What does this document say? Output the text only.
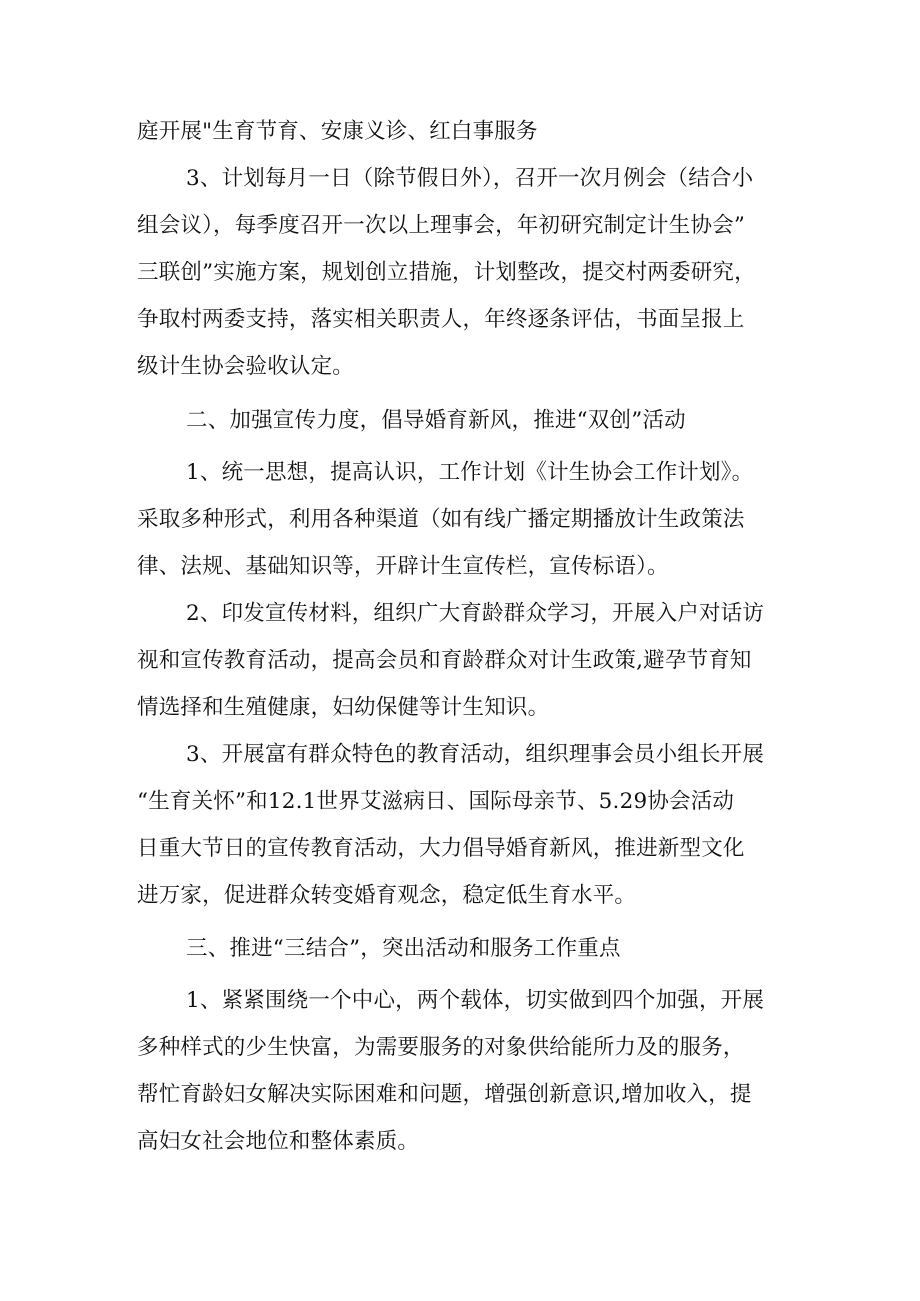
庭开展"生育节育、安康义诊、红白事服务
3、计划每月一日（除节假日外），召开一次月例会（结合小
组会议），每季度召开一次以上理事会，年初研究制定计生协会”
三联创”实施方案，规划创立措施，计划整改，提交村两委研究，
争取村两委支持，落实相关职责人，年终逐条评估，书面呈报上
级计生协会验收认定。
二、加强宣传力度，倡导婚育新风，推进“双创”活动
1、统一思想，提高认识，工作计划《计生协会工作计划》。
采取多种形式，利用各种渠道（如有线广播定期播放计生政策法
律、法规、基础知识等，开辟计生宣传栏，宣传标语）。
2、印发宣传材料，组织广大育龄群众学习，开展入户对话访
视和宣传教育活动，提高会员和育龄群众对计生政策,避孕节育知
情选择和生殖健康，妇幼保健等计生知识。
3、开展富有群众特色的教育活动，组织理事会员小组长开展
“生育关怀”和12.1世界艾滋病日、国际母亲节、5.29协会活动
日重大节日的宣传教育活动，大力倡导婚育新风，推进新型文化
进万家，促进群众转变婚育观念，稳定低生育水平。
三、推进“三结合”，突出活动和服务工作重点
1、紧紧围绕一个中心，两个载体，切实做到四个加强，开展
多种样式的少生快富，为需要服务的对象供给能所力及的服务，
帮忙育龄妇女解决实际困难和问题，增强创新意识,增加收入，提
高妇女社会地位和整体素质。
